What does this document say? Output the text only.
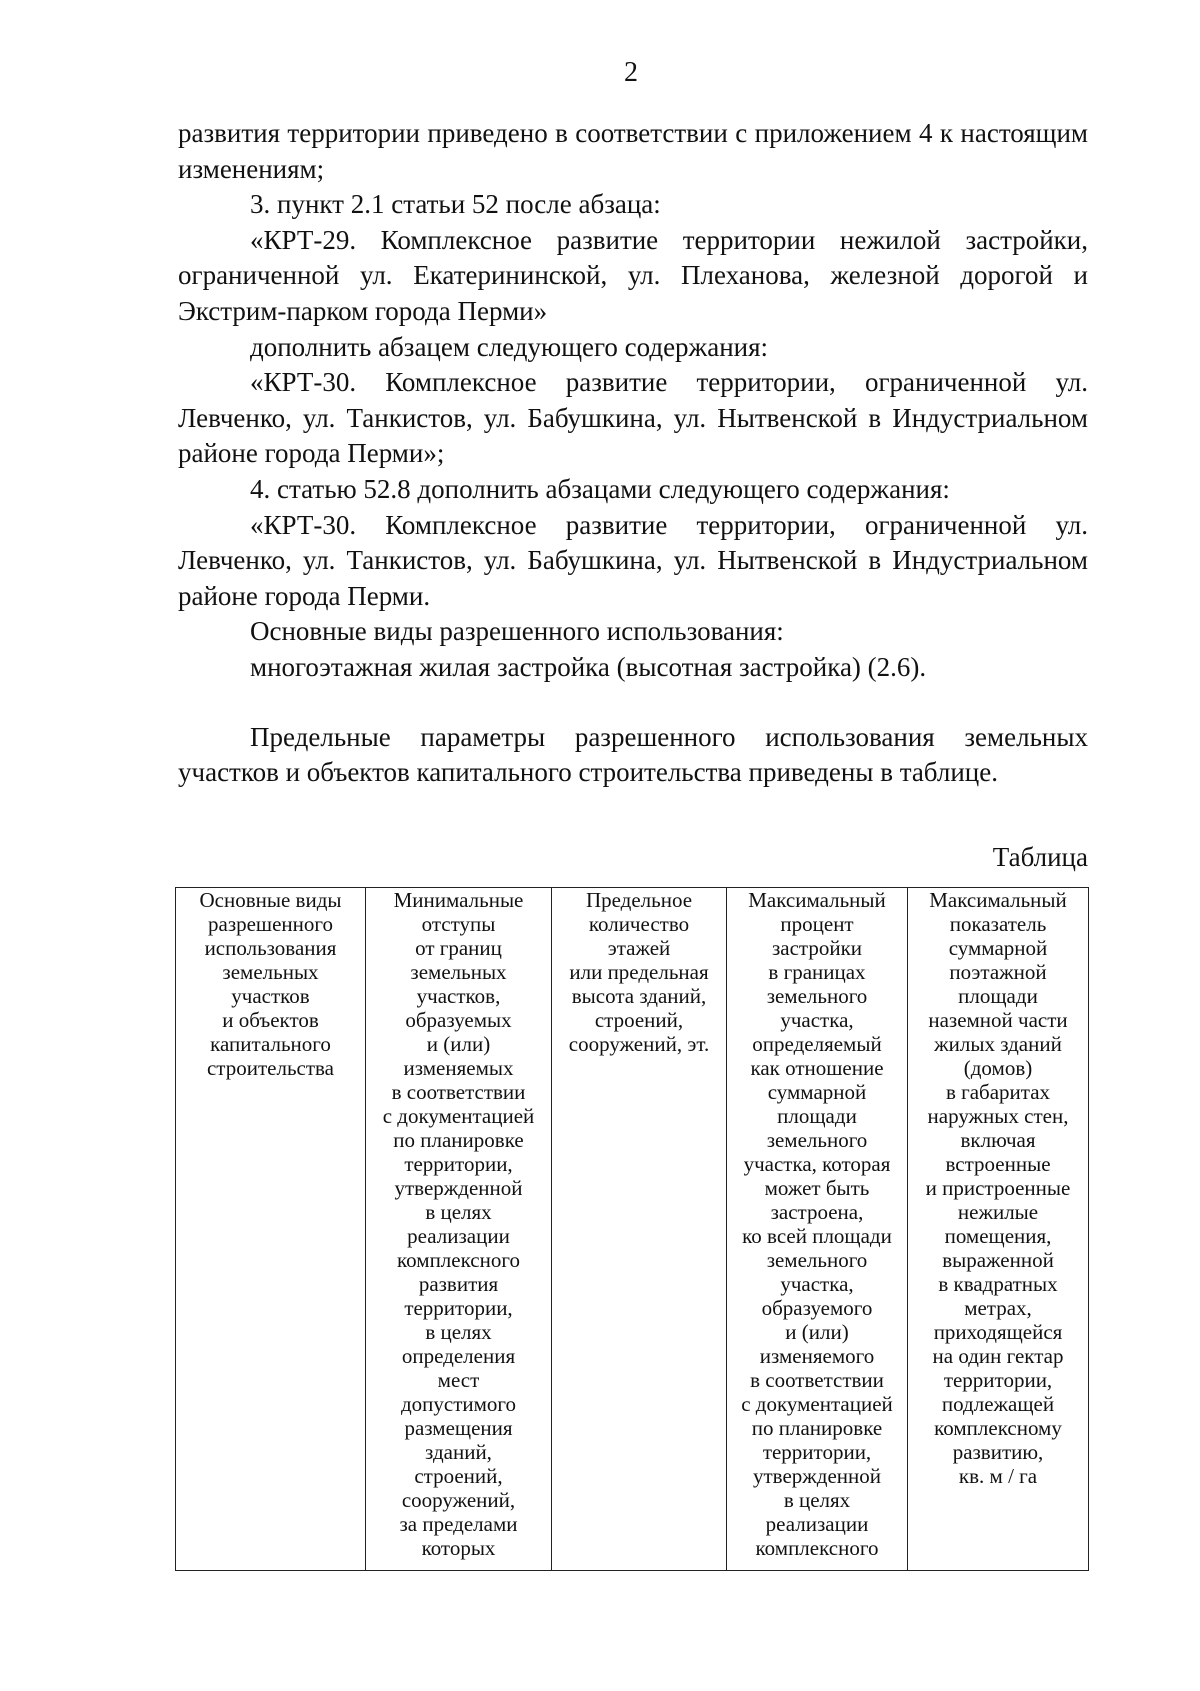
2

развития территории приведено в соответствии с приложением 4 к настоящим изменениям;

3. пункт 2.1 статьи 52 после абзаца:

«КРТ-29. Комплексное развитие территории нежилой застройки, ограниченной ул. Екатерининской, ул. Плеханова, железной дорогой и Экстрим-парком города Перми»

дополнить абзацем следующего содержания:

«КРТ-30. Комплексное развитие территории, ограниченной ул. Левченко, ул. Танкистов, ул. Бабушкина, ул. Нытвенской в Индустриальном районе города Перми»;

4. статью 52.8 дополнить абзацами следующего содержания:

«КРТ-30. Комплексное развитие территории, ограниченной ул. Левченко, ул. Танкистов, ул. Бабушкина, ул. Нытвенской в Индустриальном районе города Перми.

Основные виды разрешенного использования:

многоэтажная жилая застройка (высотная застройка) (2.6).

Предельные параметры разрешенного использования земельных участков и объектов капитального строительства приведены в таблице.

Таблица
Основные виды
разрешенного
использования
земельных
участков
и объектов
капитального
строительства	Минимальные
отступы
от границ
земельных
участков,
образуемых
и (или)
изменяемых
в соответствии
с документацией
по планировке
территории,
утвержденной
в целях
реализации
комплексного
развития
территории,
в целях
определения
мест
допустимого
размещения
зданий,
строений,
сооружений,
за пределами
которых	Предельное
количество
этажей
или предельная
высота зданий,
строений,
сооружений, эт.	Максимальный
процент
застройки
в границах
земельного
участка,
определяемый
как отношение
суммарной
площади
земельного
участка, которая
может быть
застроена,
ко всей площади
земельного
участка,
образуемого
и (или)
изменяемого
в соответствии
с документацией
по планировке
территории,
утвержденной
в целях
реализации
комплексного	Максимальный
показатель
суммарной
поэтажной
площади
наземной части
жилых зданий
(домов)
в габаритах
наружных стен,
включая
встроенные
и пристроенные
нежилые
помещения,
выраженной
в квадратных
метрах,
приходящейся
на один гектар
территории,
подлежащей
комплексному
развитию,
кв. м / га
